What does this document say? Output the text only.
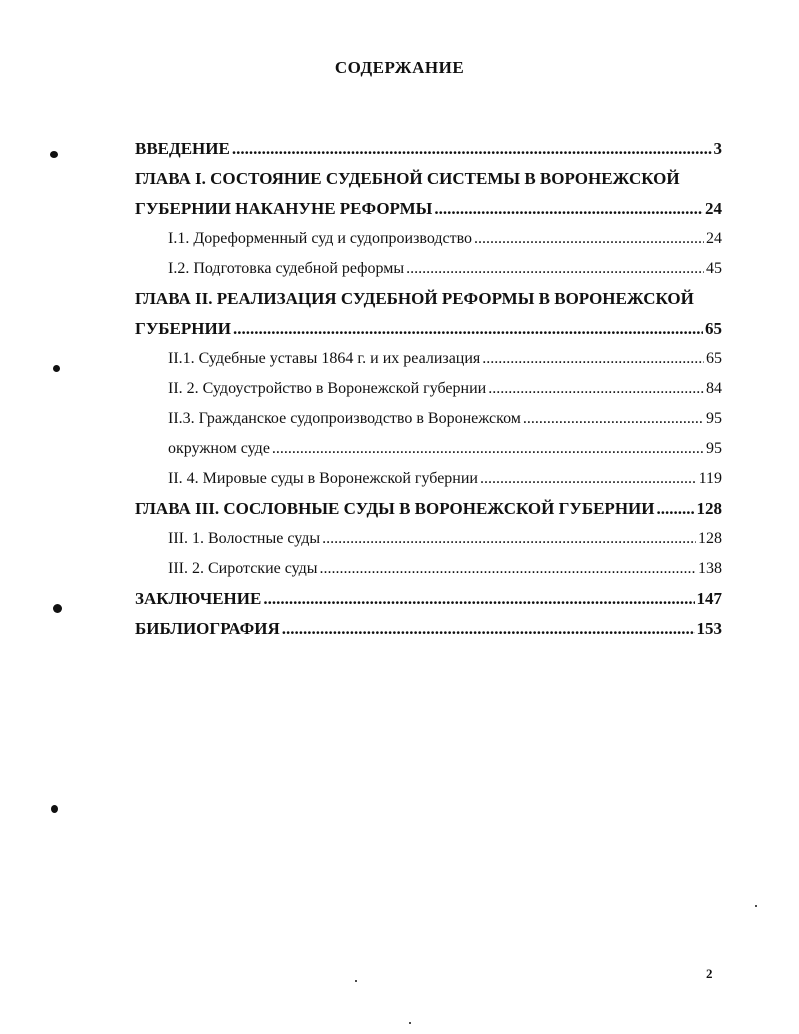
СОДЕРЖАНИЕ
ВВЕДЕНИЕ .....	3
ГЛАВА I. СОСТОЯНИЕ СУДЕБНОЙ СИСТЕМЫ В ВОРОНЕЖСКОЙ
ГУБЕРНИИ НАКАНУНЕ РЕФОРМЫ .....	24
I.1. Дореформенный суд и судопроизводство .....	24
I.2. Подготовка судебной реформы .....	45
ГЛАВА II. РЕАЛИЗАЦИЯ СУДЕБНОЙ РЕФОРМЫ В ВОРОНЕЖСКОЙ
ГУБЕРНИИ .....	65
II.1. Судебные уставы 1864 г. и их реализация .....	65
II. 2. Судоустройство в Воронежской губернии .....	84
II.3. Гражданское судопроизводство в Воронежском .....	95
окружном суде .....	95
II. 4. Мировые суды в Воронежской губернии .....	119
ГЛАВА III. СОСЛОВНЫЕ СУДЫ В ВОРОНЕЖСКОЙ ГУБЕРНИИ ..... 128
III. 1. Волостные суды .....	128
III. 2. Сиротские суды .....	138
ЗАКЛЮЧЕНИЕ .....	147
БИБЛИОГРАФИЯ .....	153
2
